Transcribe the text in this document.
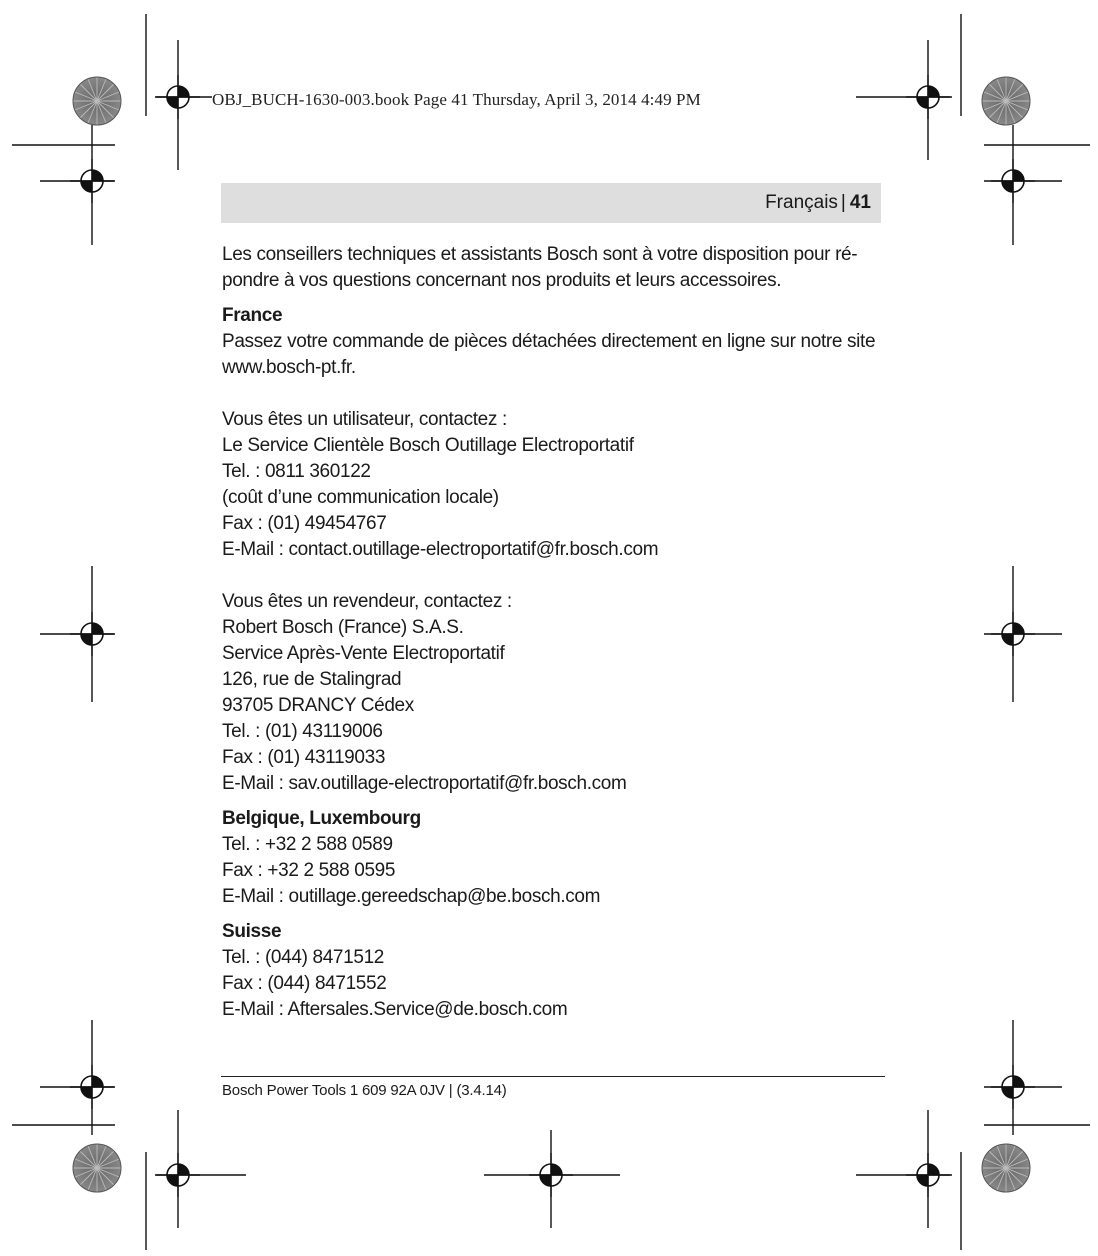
OBJ_BUCH-1630-003.book Page 41 Thursday, April 3, 2014 4:49 PM
Français | 41
Les conseillers techniques et assistants Bosch sont à votre disposition pour ré-
pondre à vos questions concernant nos produits et leurs accessoires.
France
Passez votre commande de pièces détachées directement en ligne sur notre site
www.bosch-pt.fr.
Vous êtes un utilisateur, contactez :
Le Service Clientèle Bosch Outillage Electroportatif
Tel. : 0811 360122
(coût d’une communication locale)
Fax : (01) 49454767
E-Mail : contact.outillage-electroportatif@fr.bosch.com
Vous êtes un revendeur, contactez :
Robert Bosch (France) S.A.S.
Service Après-Vente Electroportatif
126, rue de Stalingrad
93705 DRANCY Cédex
Tel. : (01) 43119006
Fax : (01) 43119033
E-Mail : sav.outillage-electroportatif@fr.bosch.com
Belgique, Luxembourg
Tel. : +32 2 588 0589
Fax : +32 2 588 0595
E-Mail : outillage.gereedschap@be.bosch.com
Suisse
Tel. : (044) 8471512
Fax : (044) 8471552
E-Mail : Aftersales.Service@de.bosch.com
Bosch Power Tools 1 609 92A 0JV | (3.4.14)
